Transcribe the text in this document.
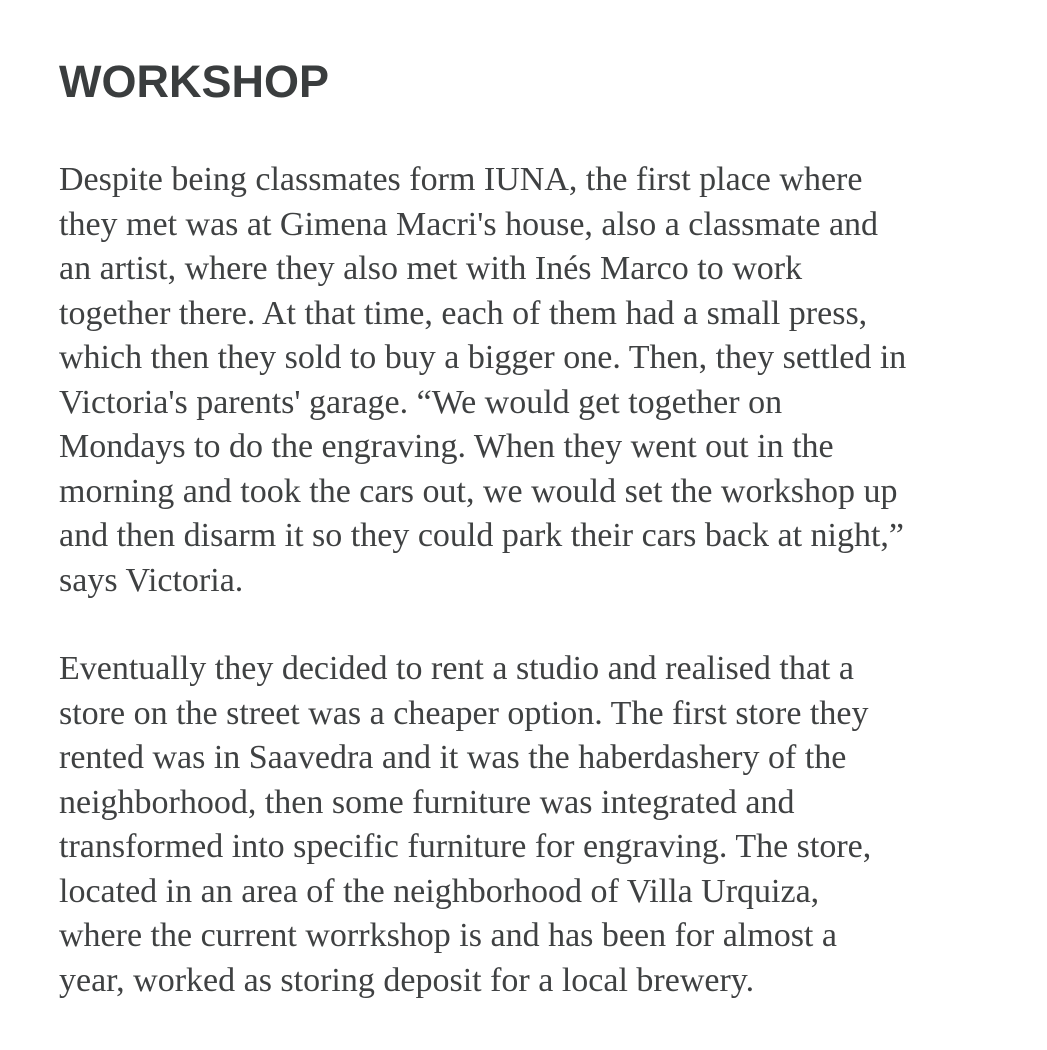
WORKSHOP

Despite being classmates form IUNA, the first place where
they met was at Gimena Macri's house, also a classmate and
an artist, where they also met with Inés Marco to work
together there. At that time, each of them had a small press,
which then they sold to buy a bigger one. Then, they settled in
Victoria's parents' garage. “We would get together on
Mondays to do the engraving. When they went out in the
morning and took the cars out, we would set the workshop up
and then disarm it so they could park their cars back at night,”
says Victoria.

Eventually they decided to rent a studio and realised that a
store on the street was a cheaper option. The first store they
rented was in Saavedra and it was the haberdashery of the
neighborhood, then some furniture was integrated and
transformed into specific furniture for engraving. The store,
located in an area of the neighborhood of Villa Urquiza,
where the current worrkshop is and has been for almost a
year, worked as storing deposit for a local brewery.
